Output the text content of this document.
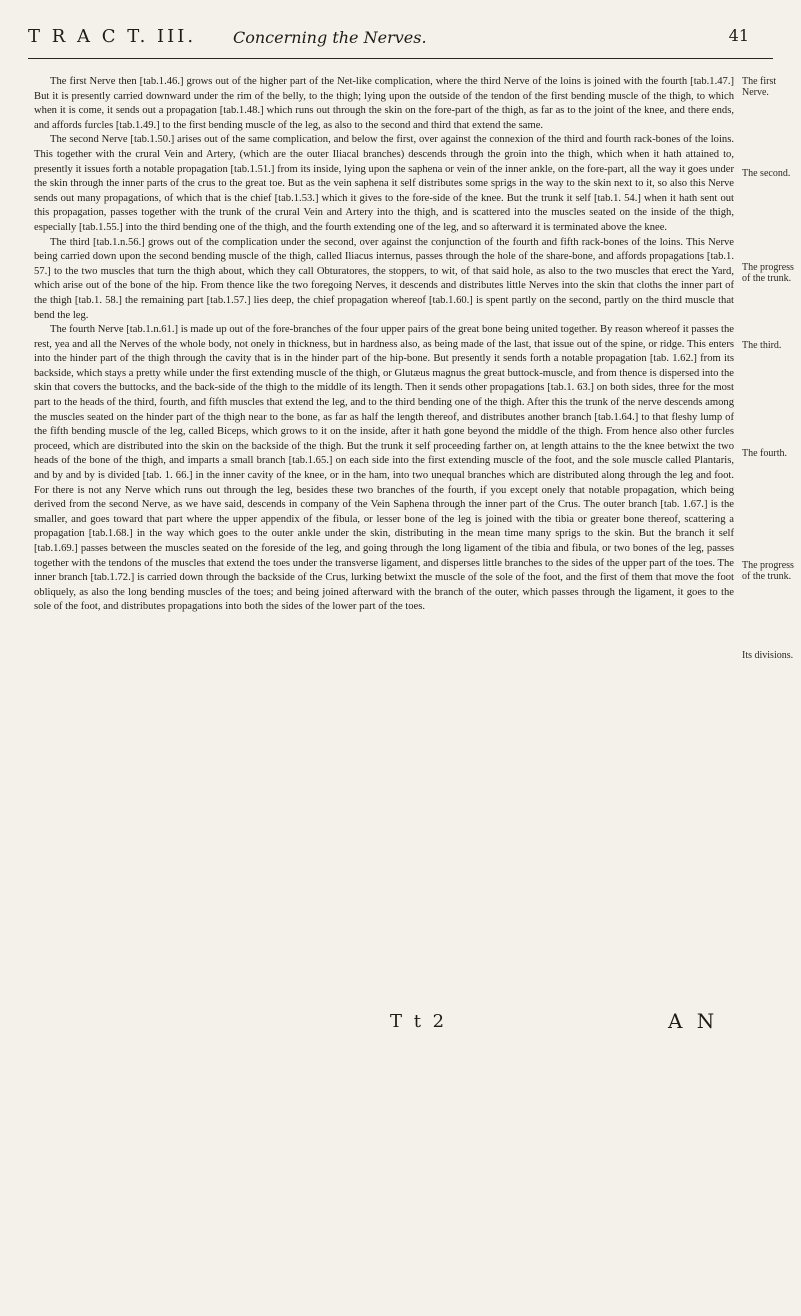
T R A C T. III. Concerning the Nerves.	41

The first Nerve then [tab.1.46.] grows out of the higher part of the Net-like complication, where the third Nerve of the loins is joined with the fourth [tab.1.47.] But it is presently carried downward under the rim of the belly, to the thigh; lying upon the outside of the tendon of the first bending muscle of the thigh, to which when it is come, it sends out a propagation [tab.1.48.] which runs out through the skin on the fore-part of the thigh, as far as to the joint of the knee, and there ends, and affords furcles [tab.1.49.] to the first bending muscle of the leg, as also to the second and third that extend the same.

The second Nerve [tab.1.50.] arises out of the same complication, and below the first, over against the connexion of the third and fourth rack-bones of the loins. This together with the crural Vein and Artery, (which are the outer Iliacal branches) descends through the groin into the thigh, which when it hath attained to, presently it issues forth a notable propagation [tab.1.51.] from its inside, lying upon the saphena or vein of the inner ankle, on the fore-part, all the way it goes under the skin through the inner parts of the crus to the great toe. But as the vein saphena it self distributes some sprigs in the way to the skin next to it, so also this Nerve sends out many propagations, of which that is the chief [tab.1.53.] which it gives to the fore-side of the knee. But the trunk it self [tab.1. 54.] when it hath sent out this propagation, passes together with the trunk of the crural Vein and Artery into the thigh, and is scattered into the muscles seated on the inside of the thigh, especially [tab.1.55.] into the third bending one of the thigh, and the fourth extending one of the leg, and so afterward it is terminated above the knee.

The third [tab.1.n.56.] grows out of the complication under the second, over against the conjunction of the fourth and fifth rack-bones of the loins. This Nerve being carried down upon the second bending muscle of the thigh, called Iliacus internus, passes through the hole of the share-bone, and affords propagations [tab.1. 57.] to the two muscles that turn the thigh about, which they call Obturatores, the stoppers, to wit, of that said hole, as also to the two muscles that erect the Yard, which arise out of the bone of the hip. From thence like the two foregoing Nerves, it descends and distributes little Nerves into the skin that cloths the inner part of the thigh [tab.1. 58.] the remaining part [tab.1.57.] lies deep, the chief propagation whereof [tab.1.60.] is spent partly on the second, partly on the third muscle that bend the leg.

The fourth Nerve [tab.1.n.61.] is made up out of the fore-branches of the four upper pairs of the great bone being united together. By reason whereof it passes the rest, yea and all the Nerves of the whole body, not onely in thickness, but in hardness also, as being made of the last, that issue out of the spine, or ridge. This enters into the hinder part of the thigh through the cavity that is in the hinder part of the hip-bone. But presently it sends forth a notable propagation [tab. 1.62.] from its backside, which stays a pretty while under the first extending muscle of the thigh, or Glutæus magnus the great buttock-muscle, and from thence is dispersed into the skin that covers the buttocks, and the back-side of the thigh to the middle of its length. Then it sends other propagations [tab.1. 63.] on both sides, three for the most part to the heads of the third, fourth, and fifth muscles that extend the leg, and to the third bending one of the thigh. After this the trunk of the nerve descends among the muscles seated on the hinder part of the thigh near to the bone, as far as half the length thereof, and distributes another branch [tab.1.64.] to that fleshy lump of the fifth bending muscle of the leg, called Biceps, which grows to it on the inside, after it hath gone beyond the middle of the thigh. From hence also other furcles proceed, which are distributed into the skin on the backside of the thigh. But the trunk it self proceeding farther on, at length attains to the the knee betwixt the two heads of the bone of the thigh, and imparts a small branch [tab.1.65.] on each side into the first extending muscle of the foot, and the sole muscle called Plantaris, and by and by is divided [tab. 1. 66.] in the inner cavity of the knee, or in the ham, into two unequal branches which are distributed along through the leg and foot. For there is not any Nerve which runs out through the leg, besides these two branches of the fourth, if you except onely that notable propagation, which being derived from the second Nerve, as we have said, descends in company of the Vein Saphena through the inner part of the Crus. The outer branch [tab. 1.67.] is the smaller, and goes toward that part where the upper appendix of the fibula, or lesser bone of the leg is joined with the tibia or greater bone thereof, scattering a propagation [tab.1.68.] in the way which goes to the outer ankle under the skin, distributing in the mean time many sprigs to the skin. But the branch it self [tab.1.69.] passes between the muscles seated on the foreside of the leg, and going through the long ligament of the tibia and fibula, or two bones of the leg, passes together with the tendons of the muscles that extend the toes under the transverse ligament, and disperses little branches to the sides of the upper part of the toes. The inner branch [tab.1.72.] is carried down through the backside of the Crus, lurking betwixt the muscle of the sole of the foot, and the first of them that move the foot obliquely, as also the long bending muscles of the toes; and being joined afterward with the branch of the outer, which passes through the ligament, it goes to the sole of the foot, and distributes propagations into both the sides of the lower part of the toes.

The first Nerve.
The second.
The progress of the trunk.
The third.
The fourth.
The progress of the trunk.
Its divisions.
T t 2	A N
